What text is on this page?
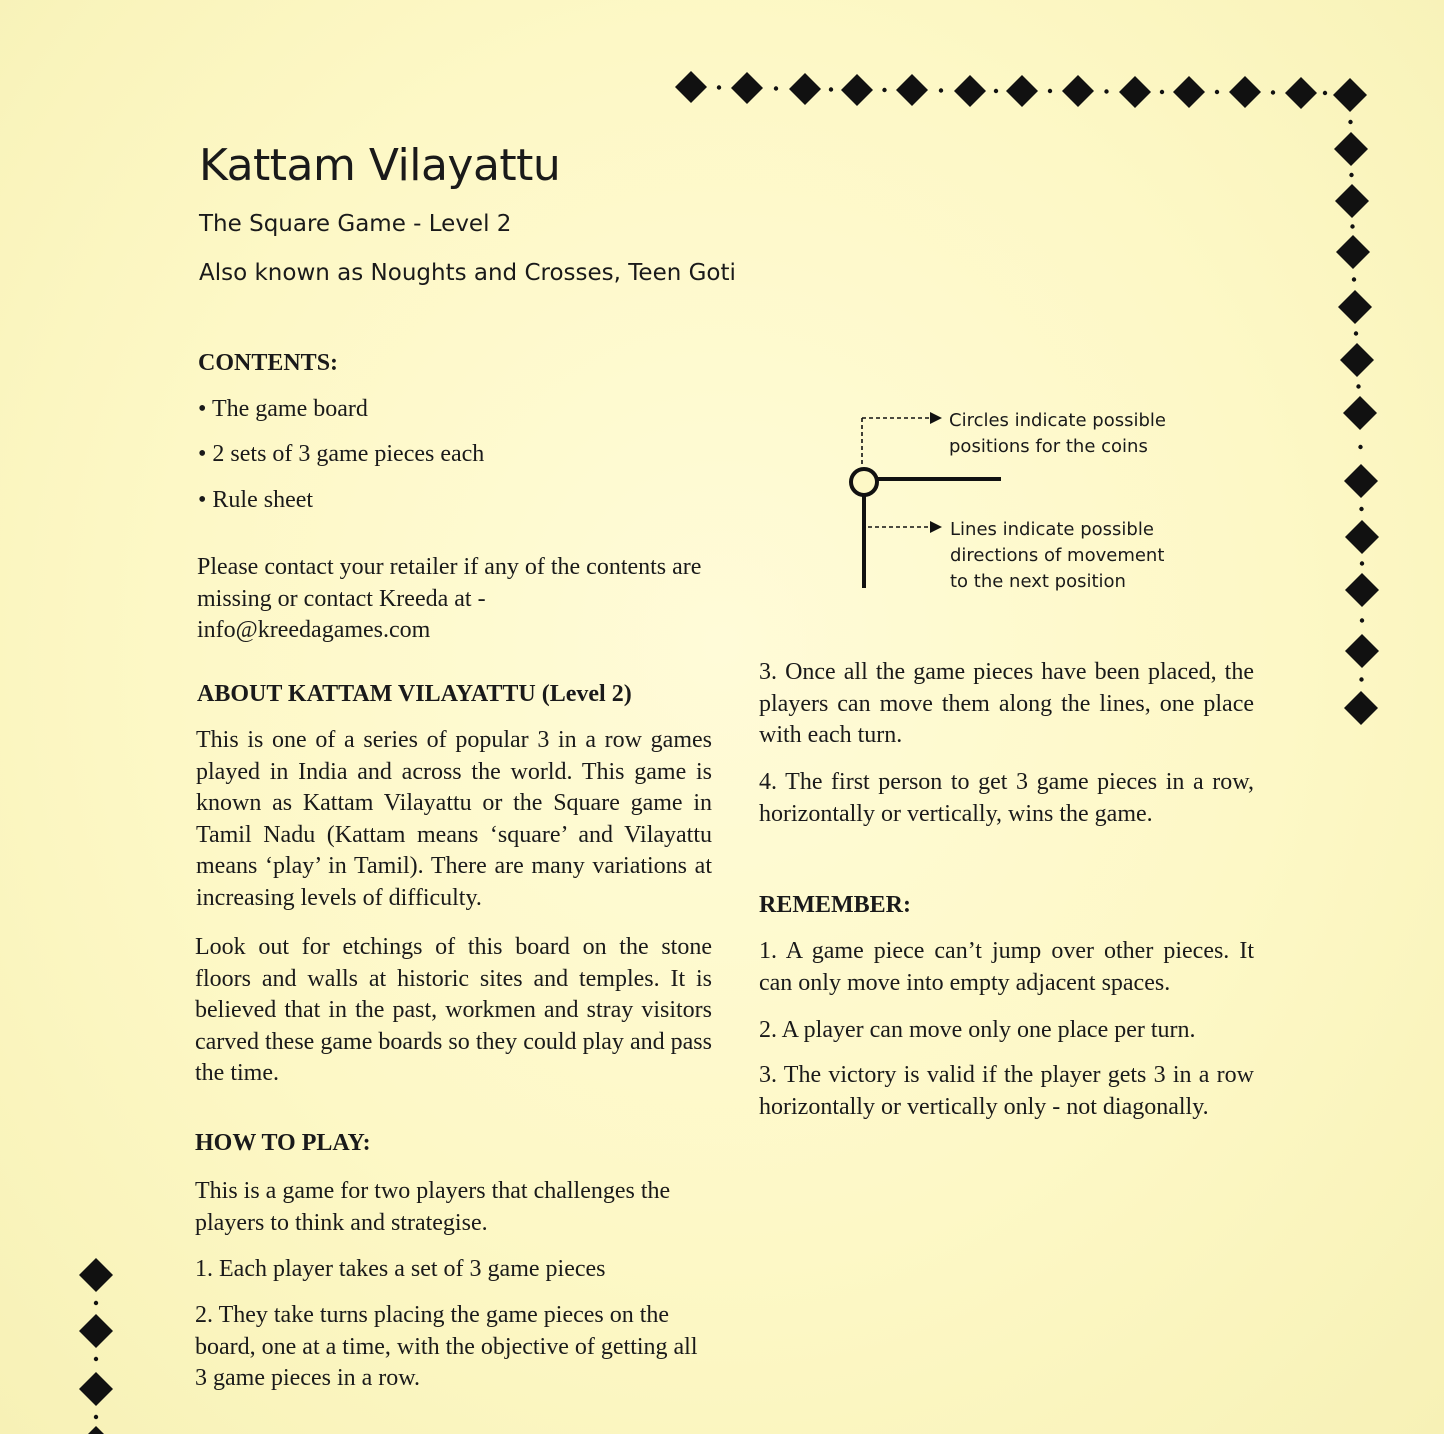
Kattam Vilayattu
The Square Game - Level 2
Also known as Noughts and Crosses, Teen Goti
CONTENTS:
• The game board
• 2 sets of 3 game pieces each
• Rule sheet
Please contact your retailer if any of the contents are missing or contact Kreeda at - info@kreedagames.com
ABOUT KATTAM VILAYATTU (Level 2)
This is one of a series of popular 3 in a row games played in India and across the world. This game is known as Kattam Vilayattu or the Square game in Tamil Nadu (Kattam means ‘square’ and Vilayattu means ‘play’ in Tamil). There are many variations at increasing levels of difficulty.
Look out for etchings of this board on the stone floors and walls at historic sites and temples. It is believed that in the past, workmen and stray visitors carved these game boards so they could play and pass the time.
HOW TO PLAY:
This is a game for two players that challenges the players to think and strategise.
1. Each player takes a set of 3 game pieces
2. They take turns placing the game pieces on the board, one at a time, with the objective of getting all 3 game pieces in a row.
Circles indicate possible positions for the coins
Lines indicate possible directions of movement to the next position
3. Once all the game pieces have been placed, the players can move them along the lines, one place with each turn.
4. The first person to get 3 game pieces in a row, horizontally or vertically, wins the game.
REMEMBER:
1. A game piece can’t jump over other pieces. It can only move into empty adjacent spaces.
2. A player can move only one place per turn.
3. The victory is valid if the player gets 3 in a row horizontally or vertically only - not diagonally.
